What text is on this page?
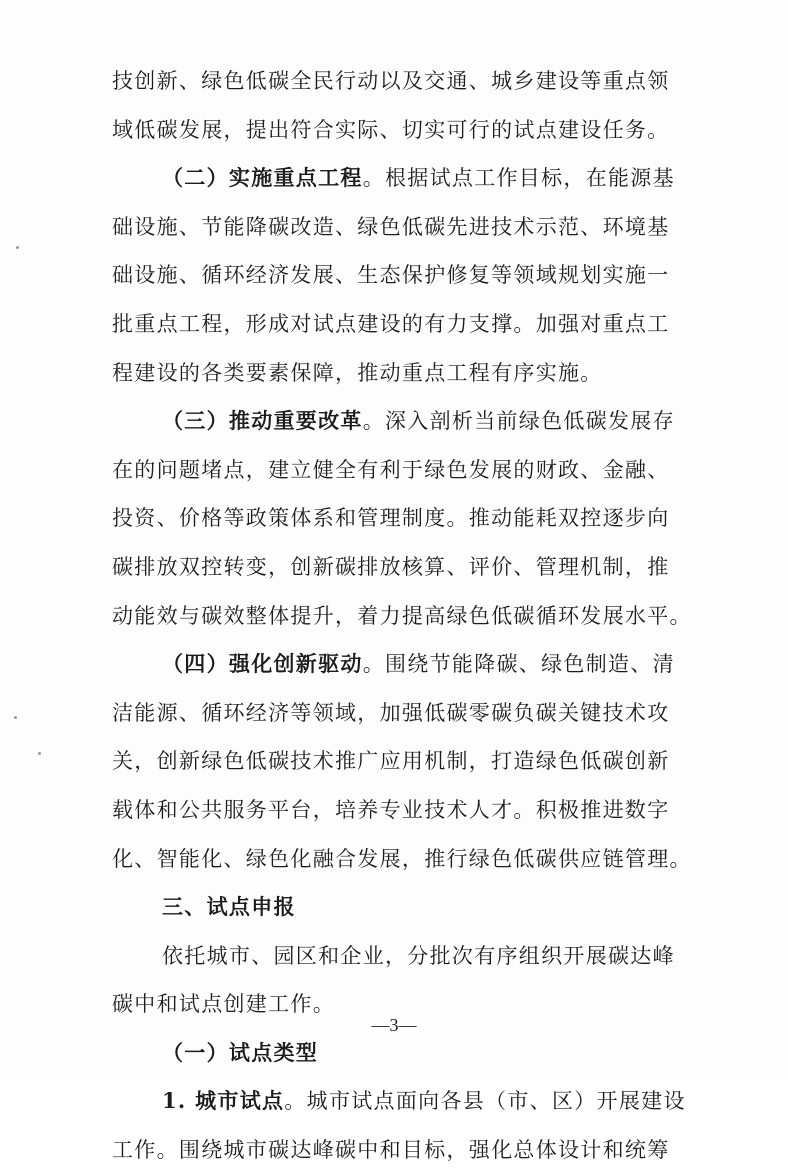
技创新、绿色低碳全民行动以及交通、城乡建设等重点领
域低碳发展，提出符合实际、切实可行的试点建设任务。
（二）实施重点工程。根据试点工作目标，在能源基
础设施、节能降碳改造、绿色低碳先进技术示范、环境基
础设施、循环经济发展、生态保护修复等领域规划实施一
批重点工程，形成对试点建设的有力支撑。加强对重点工
程建设的各类要素保障，推动重点工程有序实施。
（三）推动重要改革。深入剖析当前绿色低碳发展存
在的问题堵点，建立健全有利于绿色发展的财政、金融、
投资、价格等政策体系和管理制度。推动能耗双控逐步向
碳排放双控转变，创新碳排放核算、评价、管理机制，推
动能效与碳效整体提升，着力提高绿色低碳循环发展水平。
（四）强化创新驱动。围绕节能降碳、绿色制造、清
洁能源、循环经济等领域，加强低碳零碳负碳关键技术攻
关，创新绿色低碳技术推广应用机制，打造绿色低碳创新
载体和公共服务平台，培养专业技术人才。积极推进数字
化、智能化、绿色化融合发展，推行绿色低碳供应链管理。
三、试点申报
依托城市、园区和企业，分批次有序组织开展碳达峰
碳中和试点创建工作。
（一）试点类型
1. 城市试点。城市试点面向各县（市、区）开展建设
工作。围绕城市碳达峰碳中和目标，强化总体设计和统筹
—3—
